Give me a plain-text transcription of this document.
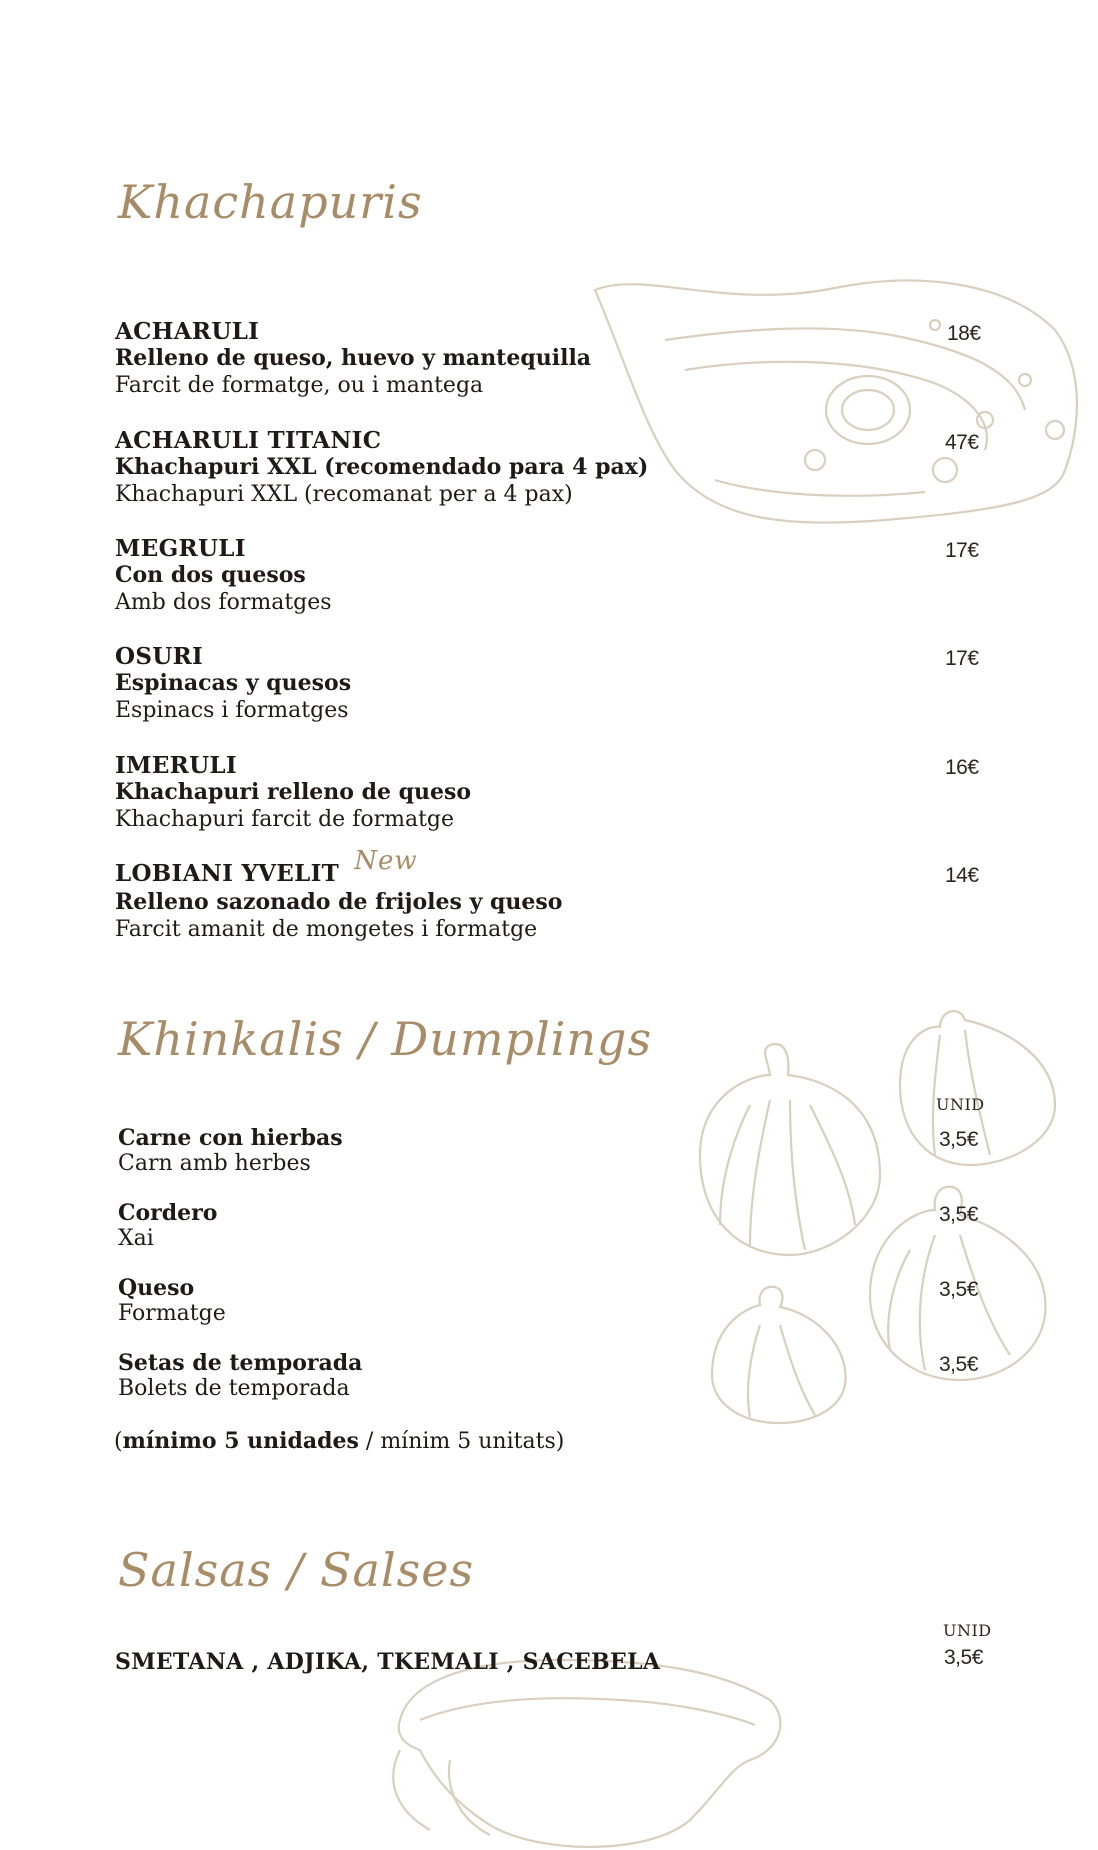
Khachapuris
ACHARULI
Relleno de queso, huevo y mantequilla
Farcit de formatge, ou i mantega
18€
ACHARULI TITANIC
Khachapuri XXL (recomendado para 4 pax)
Khachapuri XXL (recomanat per a 4 pax)
47€
MEGRULI
Con dos quesos
Amb dos formatges
17€
OSURI
Espinacas y quesos
Espinacs i formatges
17€
IMERULI
Khachapuri relleno de queso
Khachapuri farcit de formatge
16€
LOBIANI YVELIT New
Relleno sazonado de frijoles y queso
Farcit amanit de mongetes i formatge
14€
Khinkalis / Dumplings
UNID
Carne con hierbas
Carn amb herbes
3,5€
Cordero
Xai
3,5€
Queso
Formatge
3,5€
Setas de temporada
Bolets de temporada
3,5€
(mínimo 5 unidades / mínim 5 unitats)
Salsas / Salses
UNID
SMETANA , ADJIKA, TKEMALI , SACEBELA	3,5€
